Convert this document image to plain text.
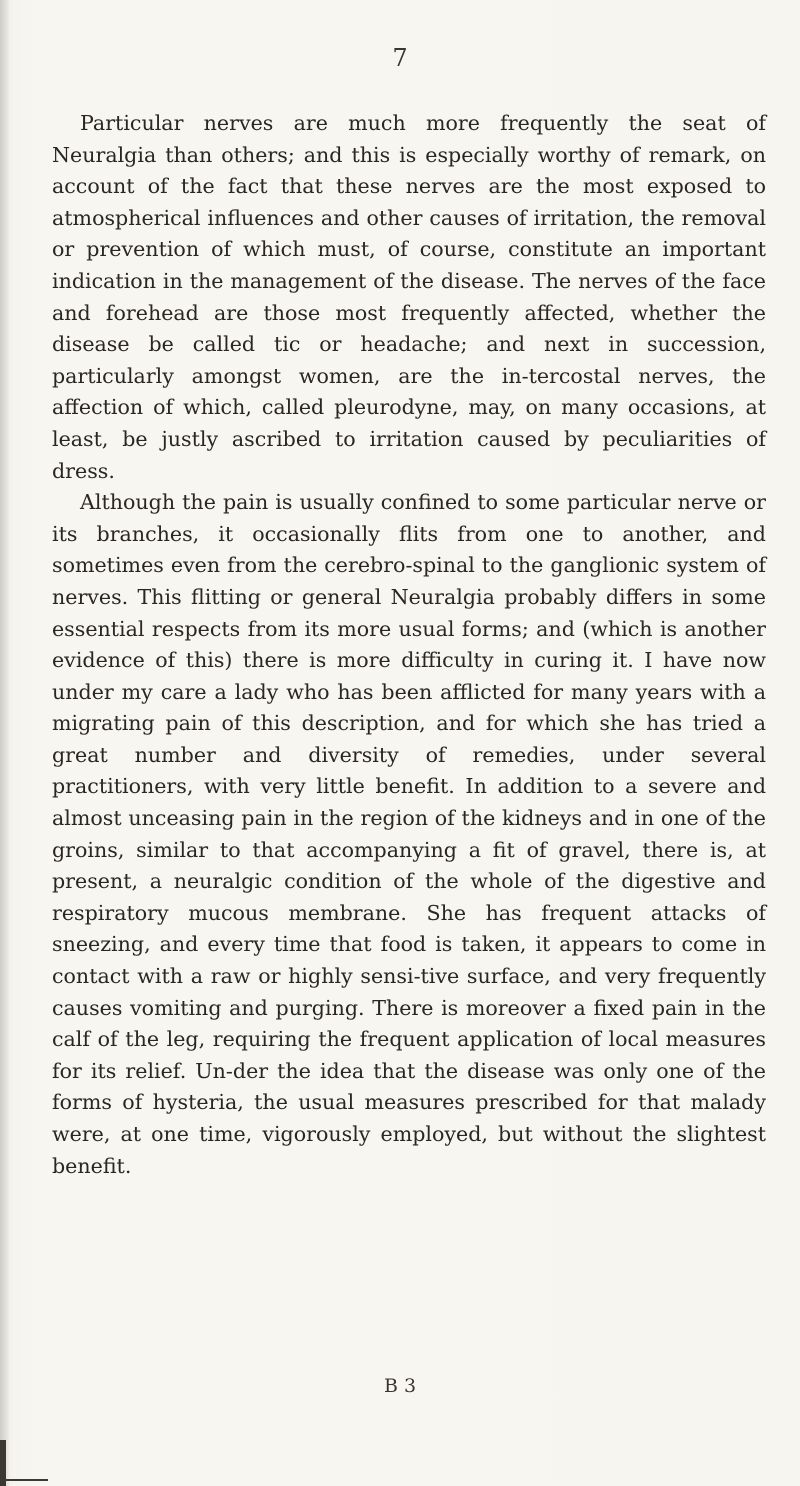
7

Particular nerves are much more frequently the seat of Neuralgia than others; and this is especially worthy of remark, on account of the fact that these nerves are the most exposed to atmospherical influences and other causes of irritation, the removal or prevention of which must, of course, constitute an important indication in the management of the disease. The nerves of the face and forehead are those most frequently affected, whether the disease be called tic or headache; and next in succession, particularly amongst women, are the in-tercostal nerves, the affection of which, called pleurodyne, may, on many occasions, at least, be justly ascribed to irritation caused by peculiarities of dress.

Although the pain is usually confined to some particular nerve or its branches, it occasionally flits from one to another, and sometimes even from the cerebro-spinal to the ganglionic system of nerves. This flitting or general Neuralgia probably differs in some essential respects from its more usual forms; and (which is another evidence of this) there is more difficulty in curing it. I have now under my care a lady who has been afflicted for many years with a migrating pain of this description, and for which she has tried a great number and diversity of remedies, under several practitioners, with very little benefit. In addition to a severe and almost unceasing pain in the region of the kidneys and in one of the groins, similar to that accompanying a fit of gravel, there is, at present, a neuralgic condition of the whole of the digestive and respiratory mucous membrane. She has frequent attacks of sneezing, and every time that food is taken, it appears to come in contact with a raw or highly sensi-tive surface, and very frequently causes vomiting and purging. There is moreover a fixed pain in the calf of the leg, requiring the frequent application of local measures for its relief. Un-der the idea that the disease was only one of the forms of hysteria, the usual measures prescribed for that malady were, at one time, vigorously employed, but without the slightest benefit.

B 3
